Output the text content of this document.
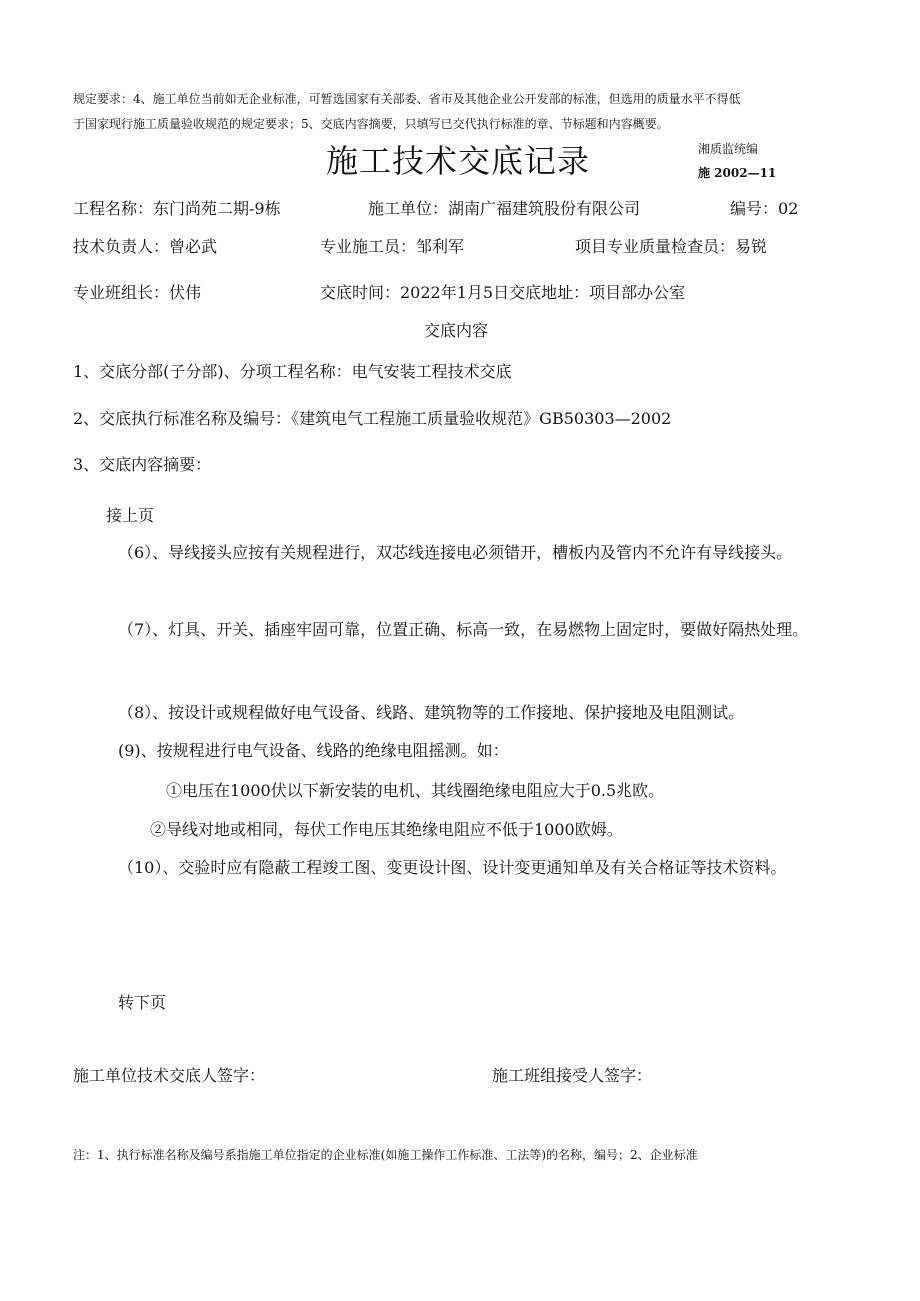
规定要求：4、施工单位当前如无企业标准，可暂选国家有关部委、省市及其他企业公开发部的标准，但选用的质量水平不得低
于国家现行施工质量验收规范的规定要求；5、交底内容摘要，只填写已交代执行标准的章、节标题和内容概要。
施工技术交底记录	湘质监统编
施 2002—11
工程名称：东门尚苑二期-9栋	施工单位：湖南广福建筑股份有限公司	编号：02
技术负责人：曾必武	专业施工员：邹利军	项目专业质量检查员：易锐
专业班组长：伏伟	交底时间：2022年1月5日交底地址：项目部办公室
交底内容
1、交底分部(子分部)、分项工程名称：电气安装工程技术交底
2、交底执行标准名称及编号：《建筑电气工程施工质量验收规范》GB50303—2002
3、交底内容摘要：
接上页
（6）、导线接头应按有关规程进行，双芯线连接电必须错开，槽板内及管内不允许有导线接头。
（7）、灯具、开关、插座牢固可靠，位置正确、标高一致，在易燃物上固定时，要做好隔热处理。
（8）、按设计或规程做好电气设备、线路、建筑物等的工作接地、保护接地及电阻测试。
(9)、按规程进行电气设备、线路的绝缘电阻摇测。如：
①电压在1000伏以下新安装的电机、其线圈绝缘电阻应大于0.5兆欧。
②导线对地或相同，每伏工作电压其绝缘电阻应不低于1000欧姆。
（10）、交验时应有隐蔽工程竣工图、变更设计图、设计变更通知单及有关合格证等技术资料。
转下页
施工单位技术交底人签字：	施工班组接受人签字：
注：1、执行标准名称及编号系指施工单位指定的企业标准(如施工操作工作标准、工法等)的名称，编号；2、企业标准
